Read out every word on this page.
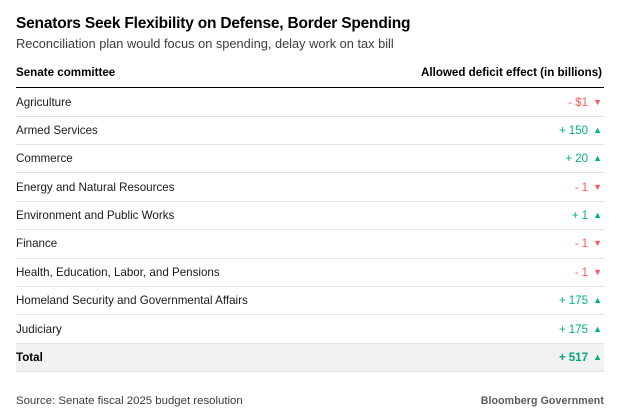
Senators Seek Flexibility on Defense, Border Spending
Reconciliation plan would focus on spending, delay work on tax bill
Senate committee	Allowed deficit effect (in billions)
Agriculture	- $1 ▼
Armed Services	+ 150 ▲
Commerce	+ 20 ▲
Energy and Natural Resources	- 1 ▼
Environment and Public Works	+ 1 ▲
Finance	- 1 ▼
Health, Education, Labor, and Pensions	- 1 ▼
Homeland Security and Governmental Affairs	+ 175 ▲
Judiciary	+ 175 ▲
Total	+ 517 ▲
Source: Senate fiscal 2025 budget resolution	Bloomberg Government
